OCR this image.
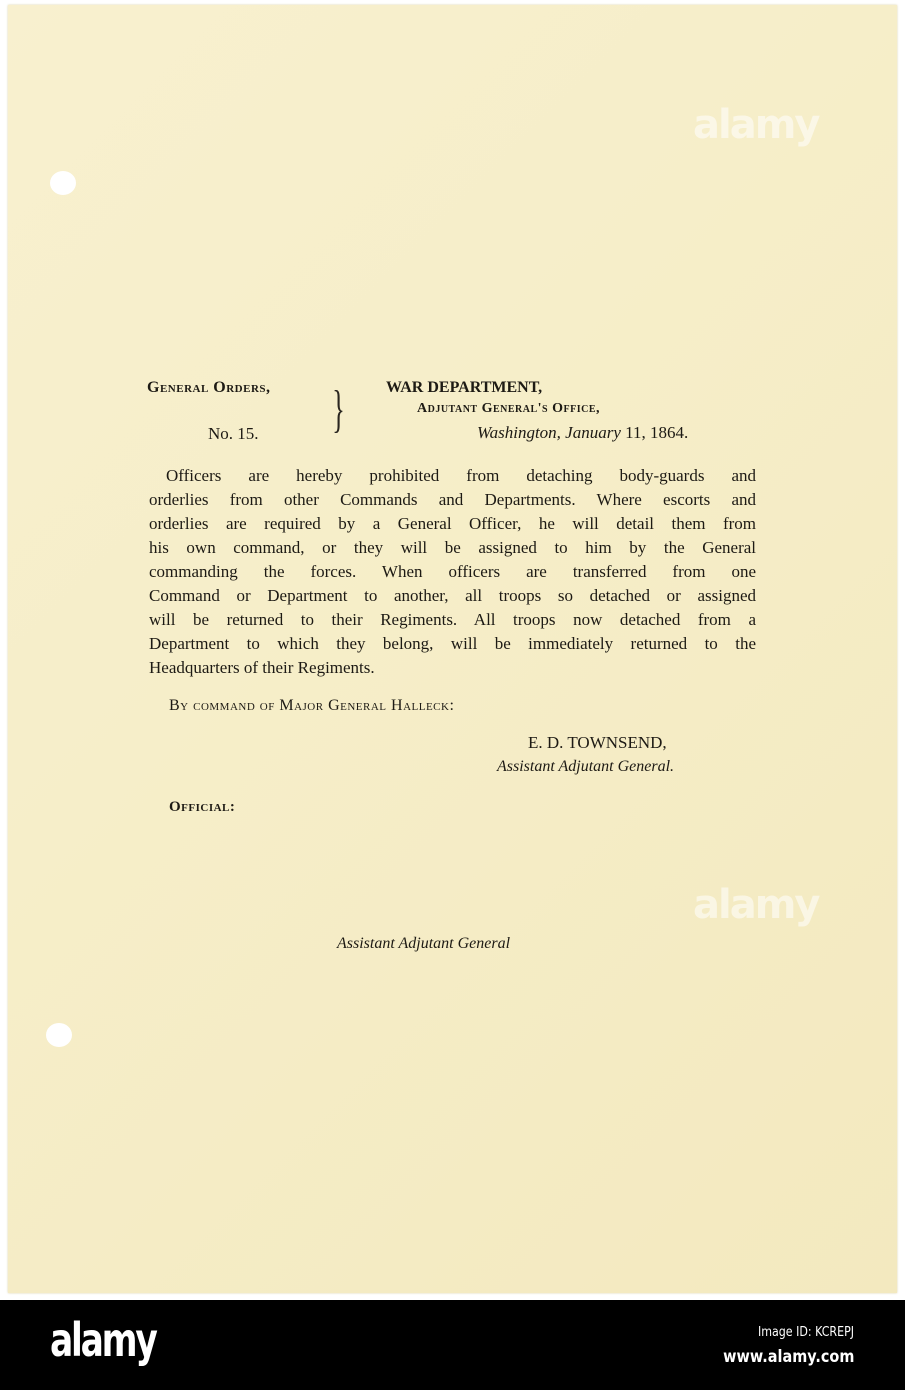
alamy
alamy
General Orders,
No. 15. }	WAR DEPARTMENT,
Adjutant General's Office,
Washington, January 11, 1864.
Officers are hereby prohibited from detaching body-guards and
orderlies from other Commands and Departments. Where escorts and
orderlies are required by a General Officer, he will detail them from
his own command, or they will be assigned to him by the General
commanding the forces. When officers are transferred from one
Command or Department to another, all troops so detached or assigned
will be returned to their Regiments. All troops now detached from a
Department to which they belong, will be immediately returned to the
Headquarters of their Regiments.
By command of Major General Halleck:
E. D. TOWNSEND,
Assistant Adjutant General.
Official:
Assistant Adjutant General
alamy	Image ID: KCREPJ
www.alamy.com
